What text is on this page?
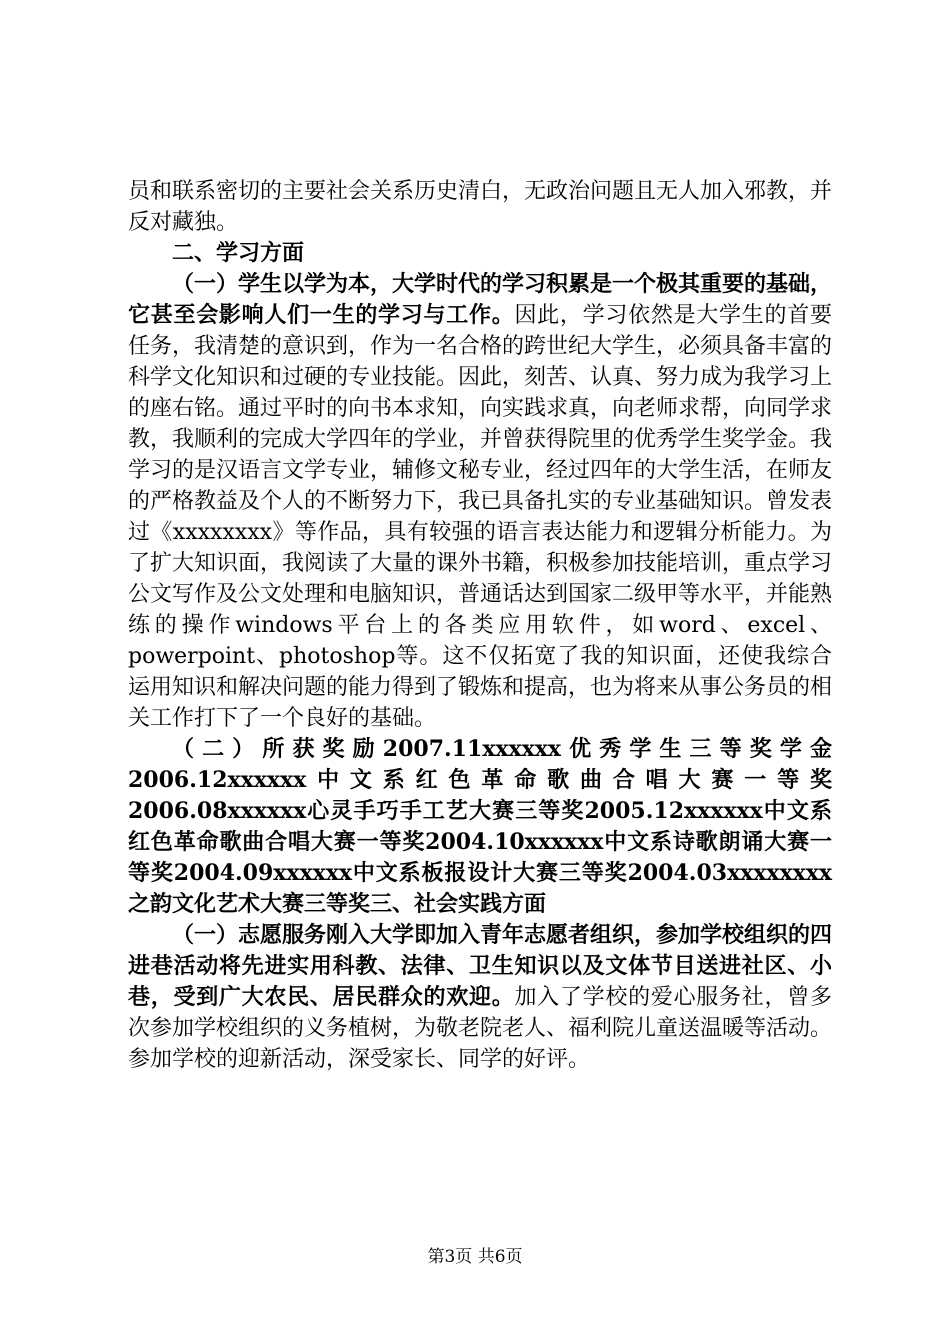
员和联系密切的主要社会关系历史清白，无政治问题且无人加入邪教，并反对藏独。

二、学习方面

（一）学生以学为本，大学时代的学习积累是一个极其重要的基础，它甚至会影响人们一生的学习与工作。因此，学习依然是大学生的首要任务，我清楚的意识到，作为一名合格的跨世纪大学生，必须具备丰富的科学文化知识和过硬的专业技能。因此，刻苦、认真、努力成为我学习上的座右铭。通过平时的向书本求知，向实践求真，向老师求帮，向同学求教，我顺利的完成大学四年的学业，并曾获得院里的优秀学生奖学金。我学习的是汉语言文学专业，辅修文秘专业，经过四年的大学生活，在师友的严格教益及个人的不断努力下，我已具备扎实的专业基础知识。曾发表过《xxxxxxxx》等作品，具有较强的语言表达能力和逻辑分析能力。为了扩大知识面，我阅读了大量的课外书籍，积极参加技能培训，重点学习公文写作及公文处理和电脑知识，普通话达到国家二级甲等水平，并能熟练的操作windows平台上的各类应用软件，如word、excel、powerpoint、photoshop等。这不仅拓宽了我的知识面，还使我综合运用知识和解决问题的能力得到了锻炼和提高，也为将来从事公务员的相关工作打下了一个良好的基础。

（二）所获奖励2007.11xxxxxx优秀学生三等奖学金2006.12xxxxxx中文系红色革命歌曲合唱大赛一等奖2006.08xxxxxx心灵手巧手工艺大赛三等奖2005.12xxxxxx中文系红色革命歌曲合唱大赛一等奖2004.10xxxxxx中文系诗歌朗诵大赛一等奖2004.09xxxxxx中文系板报设计大赛三等奖2004.03xxxxxxxx之韵文化艺术大赛三等奖三、社会实践方面

（一）志愿服务刚入大学即加入青年志愿者组织，参加学校组织的四进巷活动将先进实用科教、法律、卫生知识以及文体节目送进社区、小巷，受到广大农民、居民群众的欢迎。加入了学校的爱心服务社，曾多次参加学校组织的义务植树，为敬老院老人、福利院儿童送温暖等活动。参加学校的迎新活动，深受家长、同学的好评。

第3页 共6页
